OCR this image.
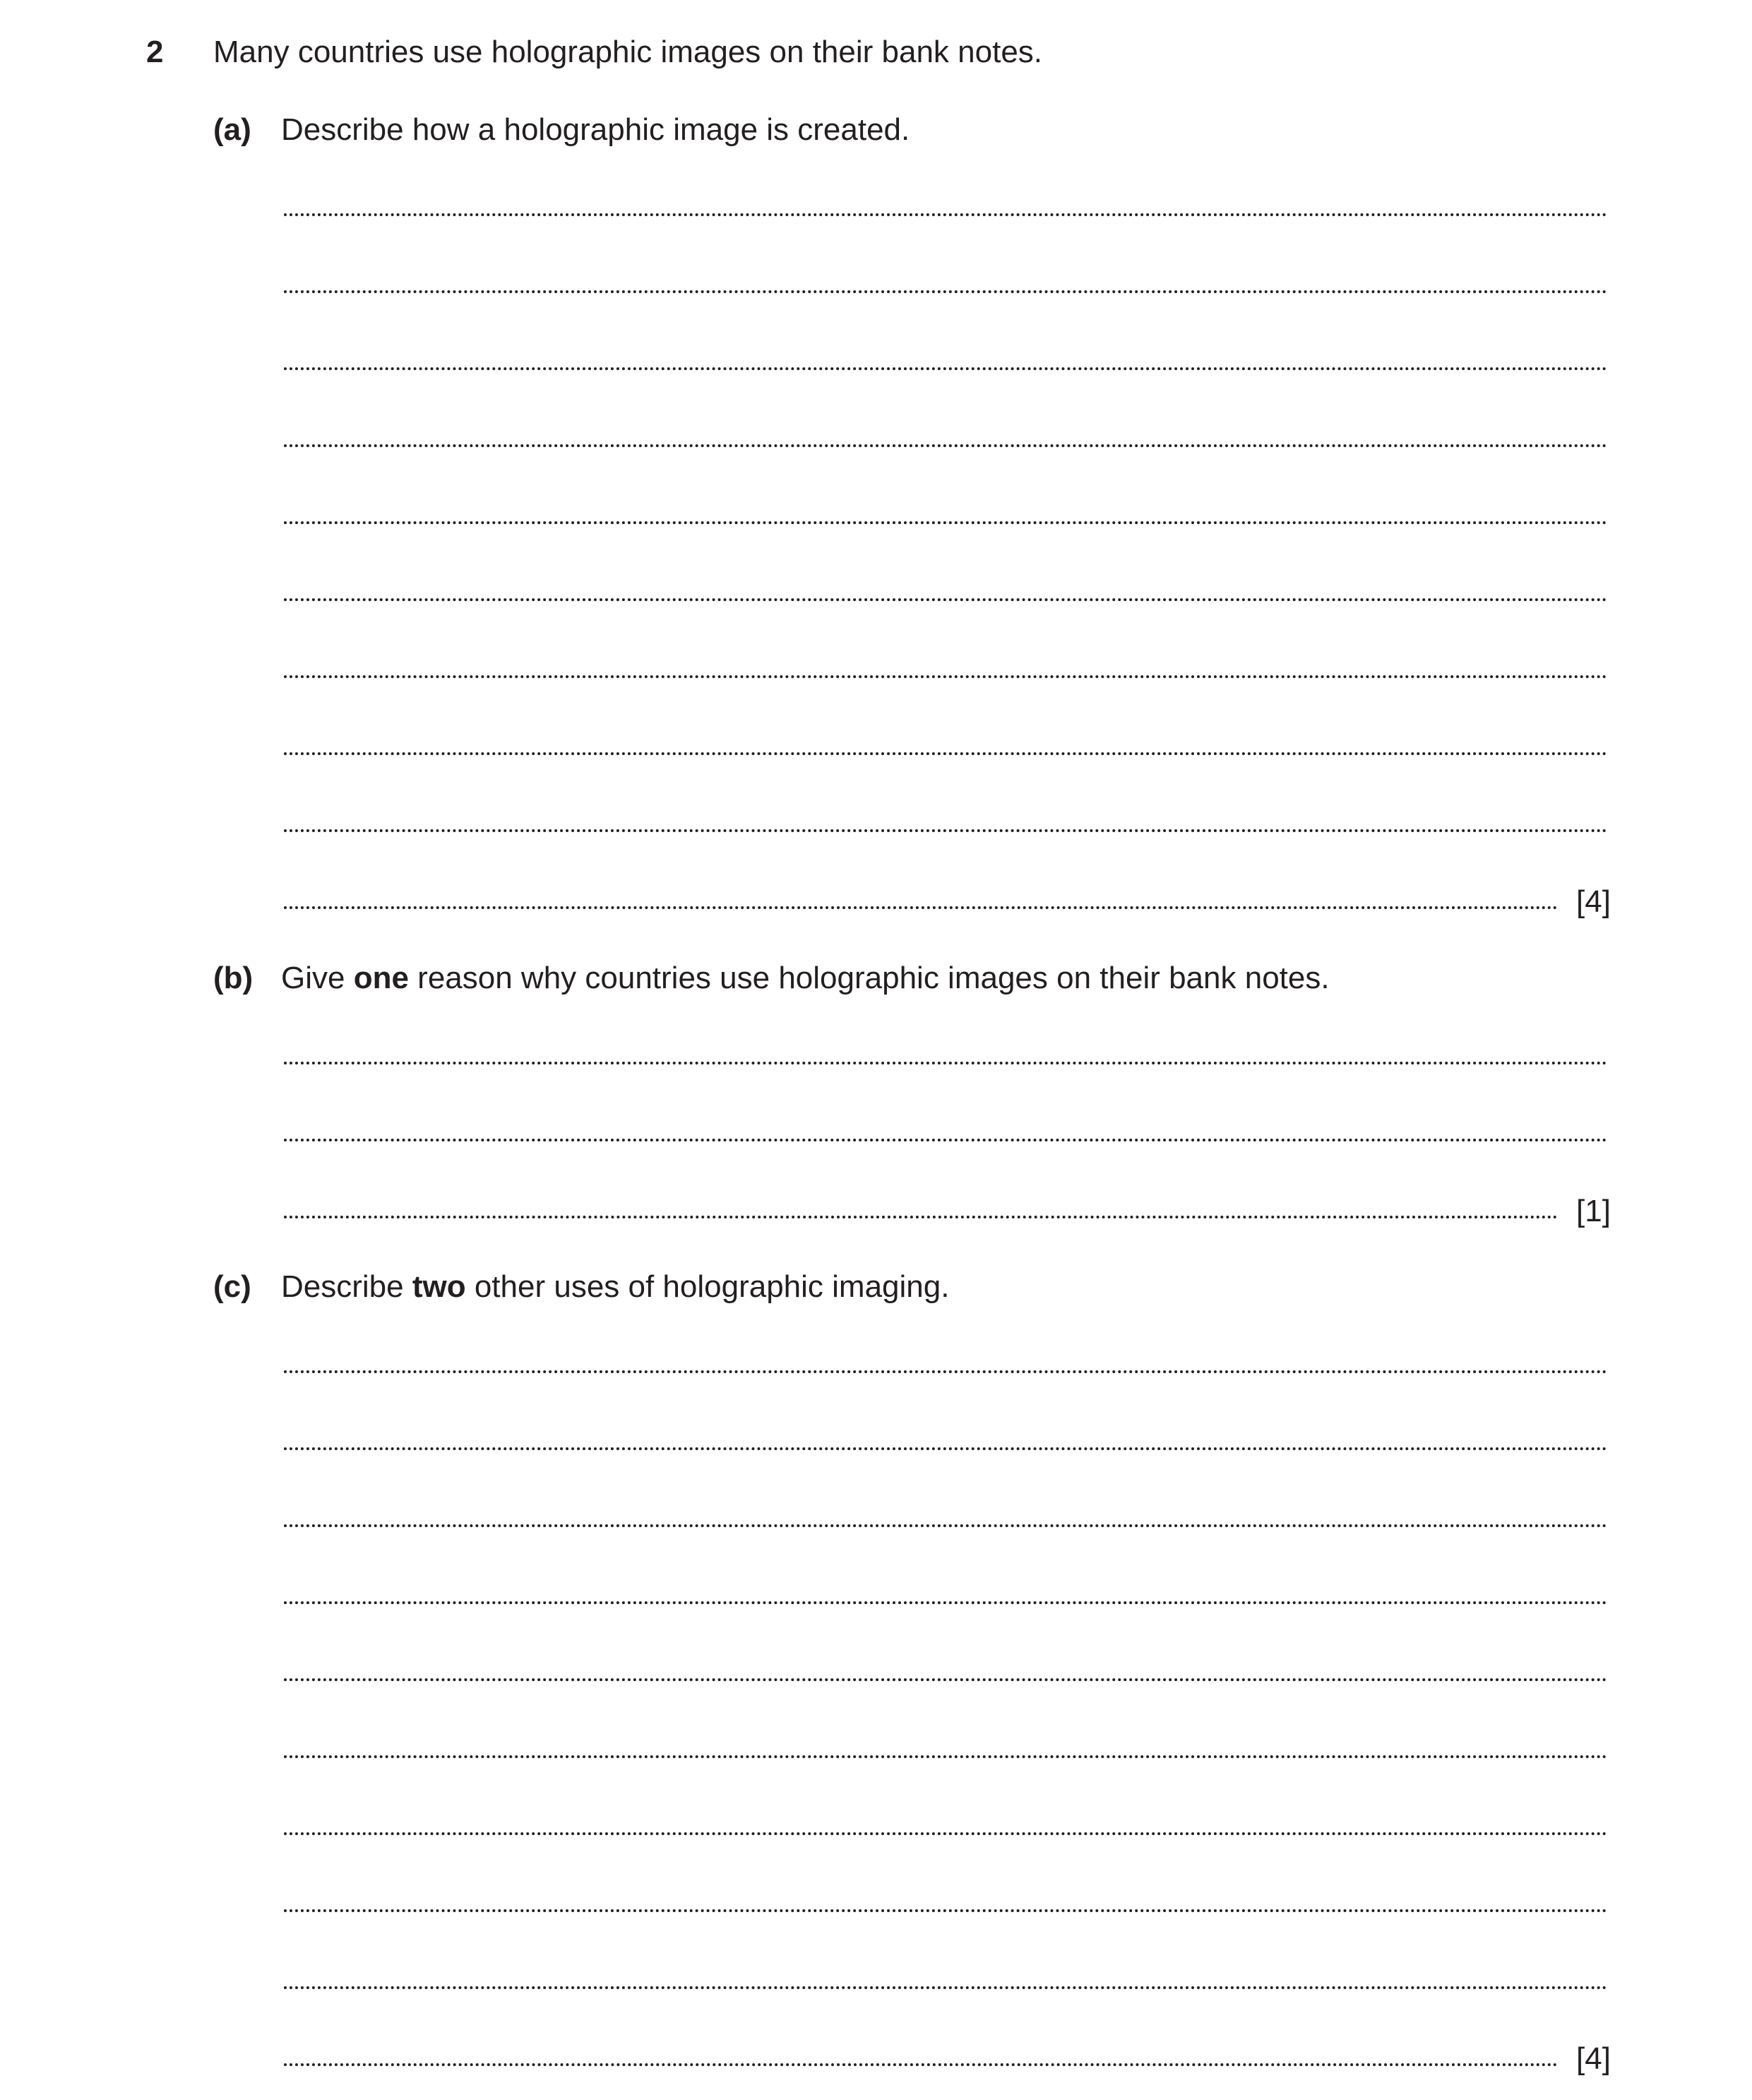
2 Many countries use holographic images on their bank notes.
(a) Describe how a holographic image is created.
[4]
(b) Give one reason why countries use holographic images on their bank notes.
[1]
(c) Describe two other uses of holographic imaging.
[4]
